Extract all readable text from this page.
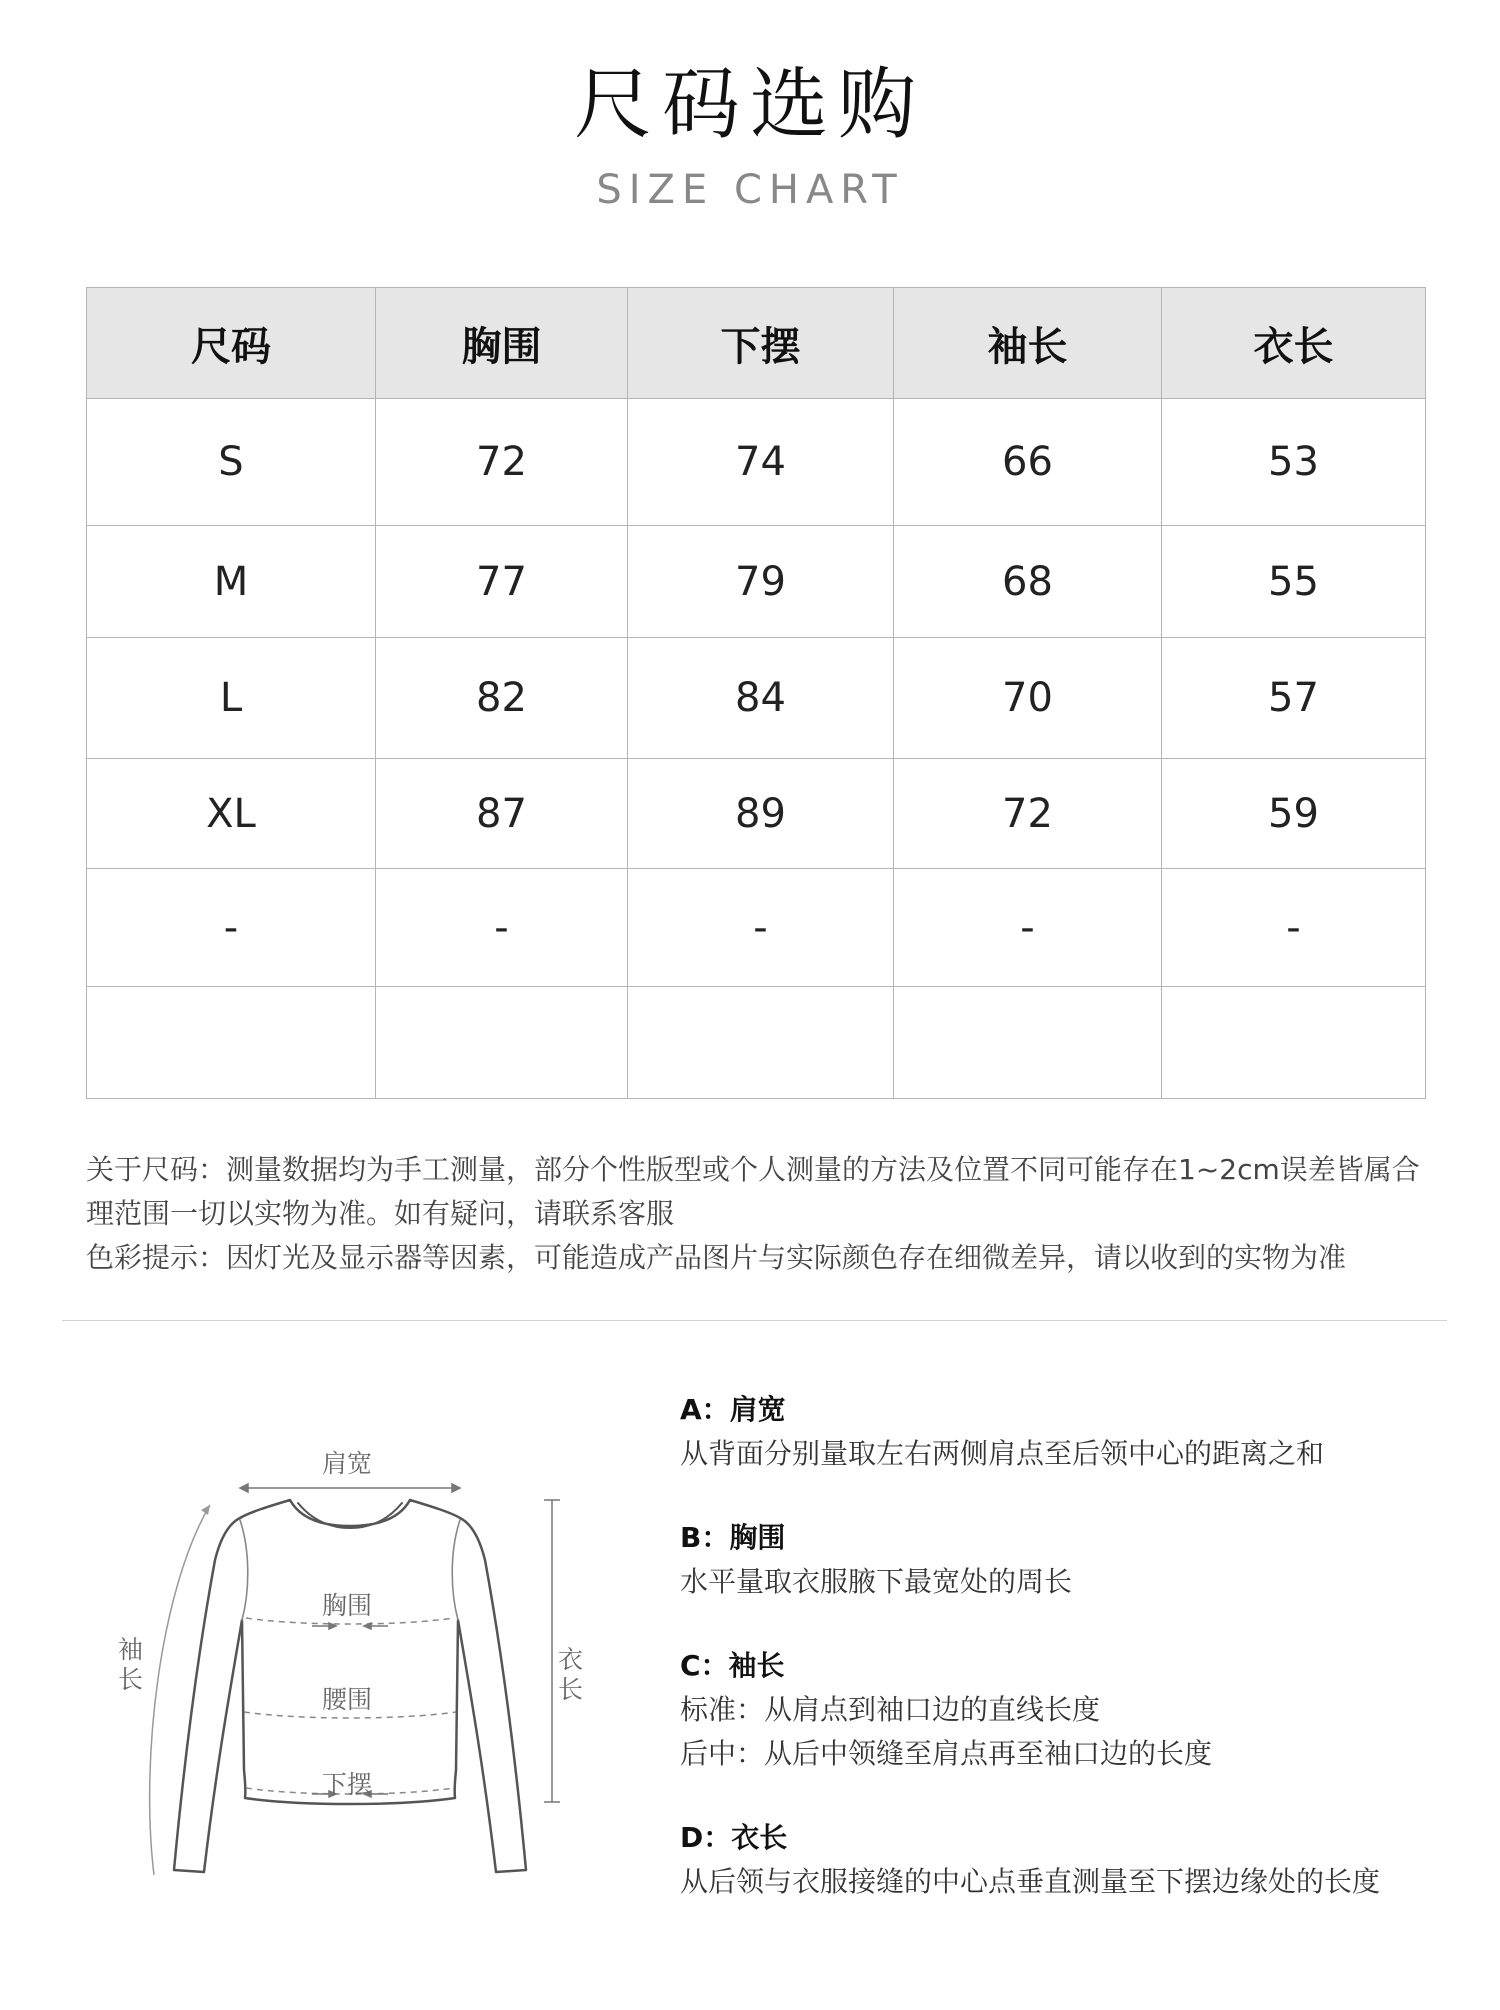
尺码选购
SIZE CHART
尺码	胸围	下摆	袖长	衣长
S	72	74	66	53
M	77	79	68	55
L	82	84	70	57
XL	87	89	72	59
-	-	-	-	-

关于尺码：测量数据均为手工测量，部分个性版型或个人测量的方法及位置不同可能存在1~2cm误差皆属合理范围一切以实物为准。如有疑问，请联系客服

色彩提示：因灯光及显示器等因素，可能造成产品图片与实际颜色存在细微差异，请以收到的实物为准

肩宽
胸围
腰围
下摆
袖
长
衣
长
A：肩宽
从背面分别量取左右两侧肩点至后领中心的距离之和
B：胸围
水平量取衣服腋下最宽处的周长
C：袖长
标准：从肩点到袖口边的直线长度
后中：从后中领缝至肩点再至袖口边的长度
D：衣长
从后领与衣服接缝的中心点垂直测量至下摆边缘处的长度
